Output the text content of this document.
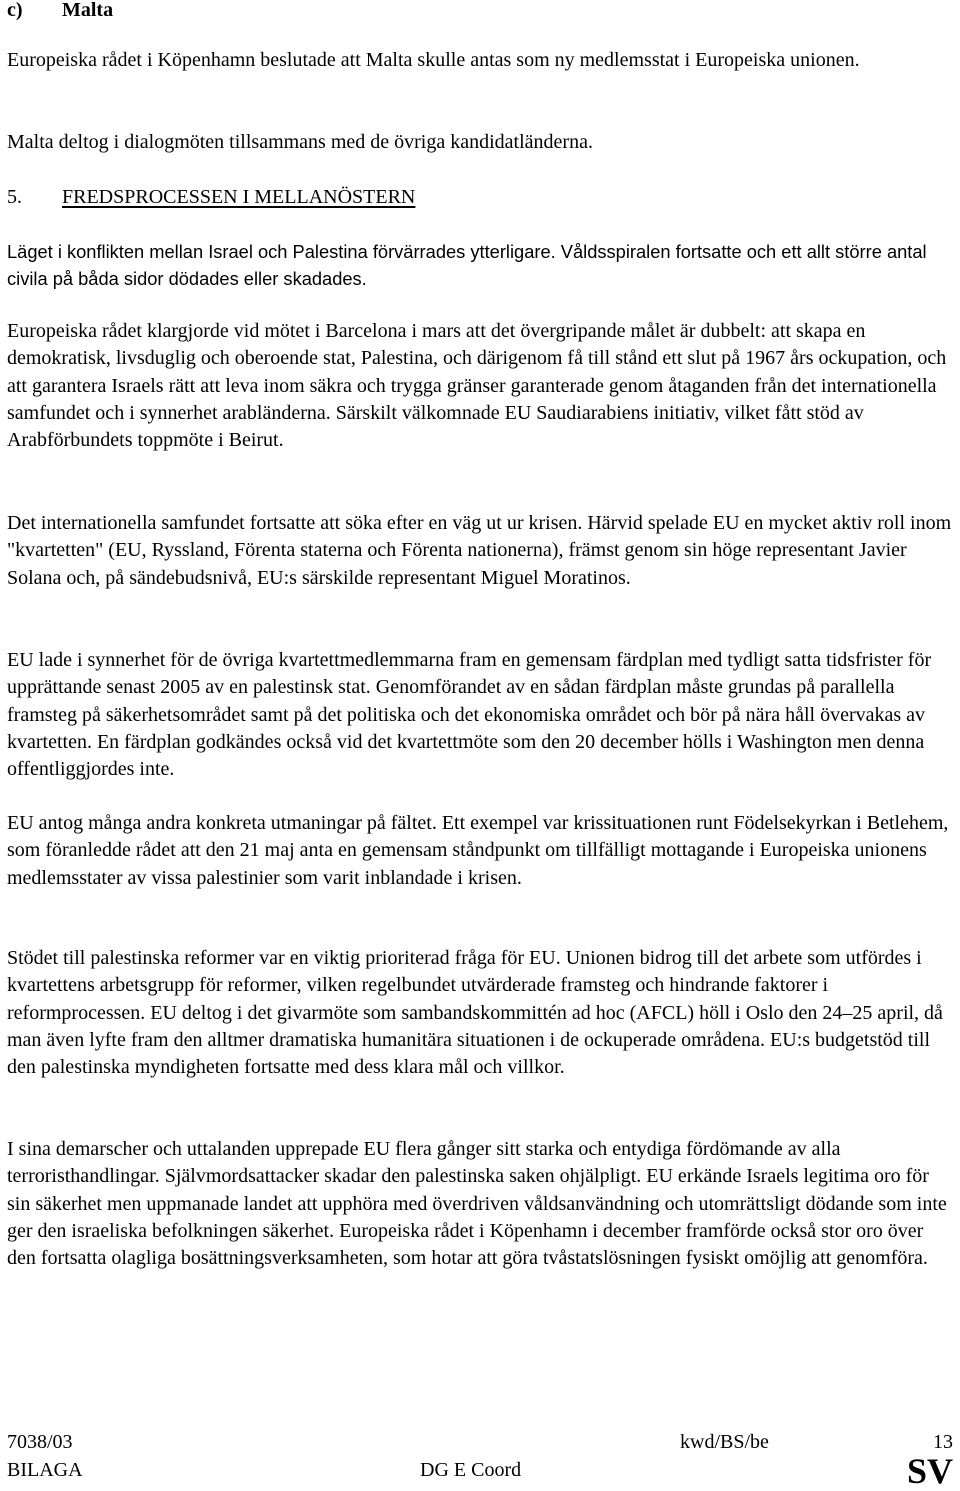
c) Malta

Europeiska rådet i Köpenhamn beslutade att Malta skulle antas som ny medlemsstat i Europeiska unionen.

Malta deltog i dialogmöten tillsammans med de övriga kandidatländerna.

5. FREDSPROCESSEN I MELLANÖSTERN

Läget i konflikten mellan Israel och Palestina förvärrades ytterligare. Våldsspiralen fortsatte och ett allt större antal civila på båda sidor dödades eller skadades.

Europeiska rådet klargjorde vid mötet i Barcelona i mars att det övergripande målet är dubbelt: att skapa en demokratisk, livsduglig och oberoende stat, Palestina, och därigenom få till stånd ett slut på 1967 års ockupation, och att garantera Israels rätt att leva inom säkra och trygga gränser garanterade genom åtaganden från det internationella samfundet och i synnerhet arabländerna. Särskilt välkomnade EU Saudiarabiens initiativ, vilket fått stöd av Arabförbundets toppmöte i Beirut.

Det internationella samfundet fortsatte att söka efter en väg ut ur krisen. Härvid spelade EU en mycket aktiv roll inom "kvartetten" (EU, Ryssland, Förenta staterna och Förenta nationerna), främst genom sin höge representant Javier Solana och, på sändebudsnivå, EU:s särskilde representant Miguel Moratinos.

EU lade i synnerhet för de övriga kvartettmedlemmarna fram en gemensam färdplan med tydligt satta tidsfrister för upprättande senast 2005 av en palestinsk stat. Genomförandet av en sådan färdplan måste grundas på parallella framsteg på säkerhetsområdet samt på det politiska och det ekonomiska området och bör på nära håll övervakas av kvartetten. En färdplan godkändes också vid det kvartettmöte som den 20 december hölls i Washington men denna offentliggjordes inte.

EU antog många andra konkreta utmaningar på fältet. Ett exempel var krissituationen runt Födelsekyrkan i Betlehem, som föranledde rådet att den 21 maj anta en gemensam ståndpunkt om tillfälligt mottagande i Europeiska unionens medlemsstater av vissa palestinier som varit inblandade i krisen.

Stödet till palestinska reformer var en viktig prioriterad fråga för EU. Unionen bidrog till det arbete som utfördes i kvartettens arbetsgrupp för reformer, vilken regelbundet utvärderade framsteg och hindrande faktorer i reformprocessen. EU deltog i det givarmöte som sambandskommittén ad hoc (AFCL) höll i Oslo den 24–25 april, då man även lyfte fram den alltmer dramatiska humanitära situationen i de ockuperade områdena. EU:s budgetstöd till den palestinska myndigheten fortsatte med dess klara mål och villkor.

I sina demarscher och uttalanden upprepade EU flera gånger sitt starka och entydiga fördömande av alla terroristhandlingar. Självmordsattacker skadar den palestinska saken ohjälpligt. EU erkände Israels legitima oro för sin säkerhet men uppmanade landet att upphöra med överdriven våldsanvändning och utomrättsligt dödande som inte ger den israeliska befolkningen säkerhet. Europeiska rådet i Köpenhamn i december framförde också stor oro över den fortsatta olagliga bosättningsverksamheten, som hotar att göra tvåstatslösningen fysiskt omöjlig att genomföra.

7038/03
BILAGA
kwd/BS/be
DG E Coord
13
SV
